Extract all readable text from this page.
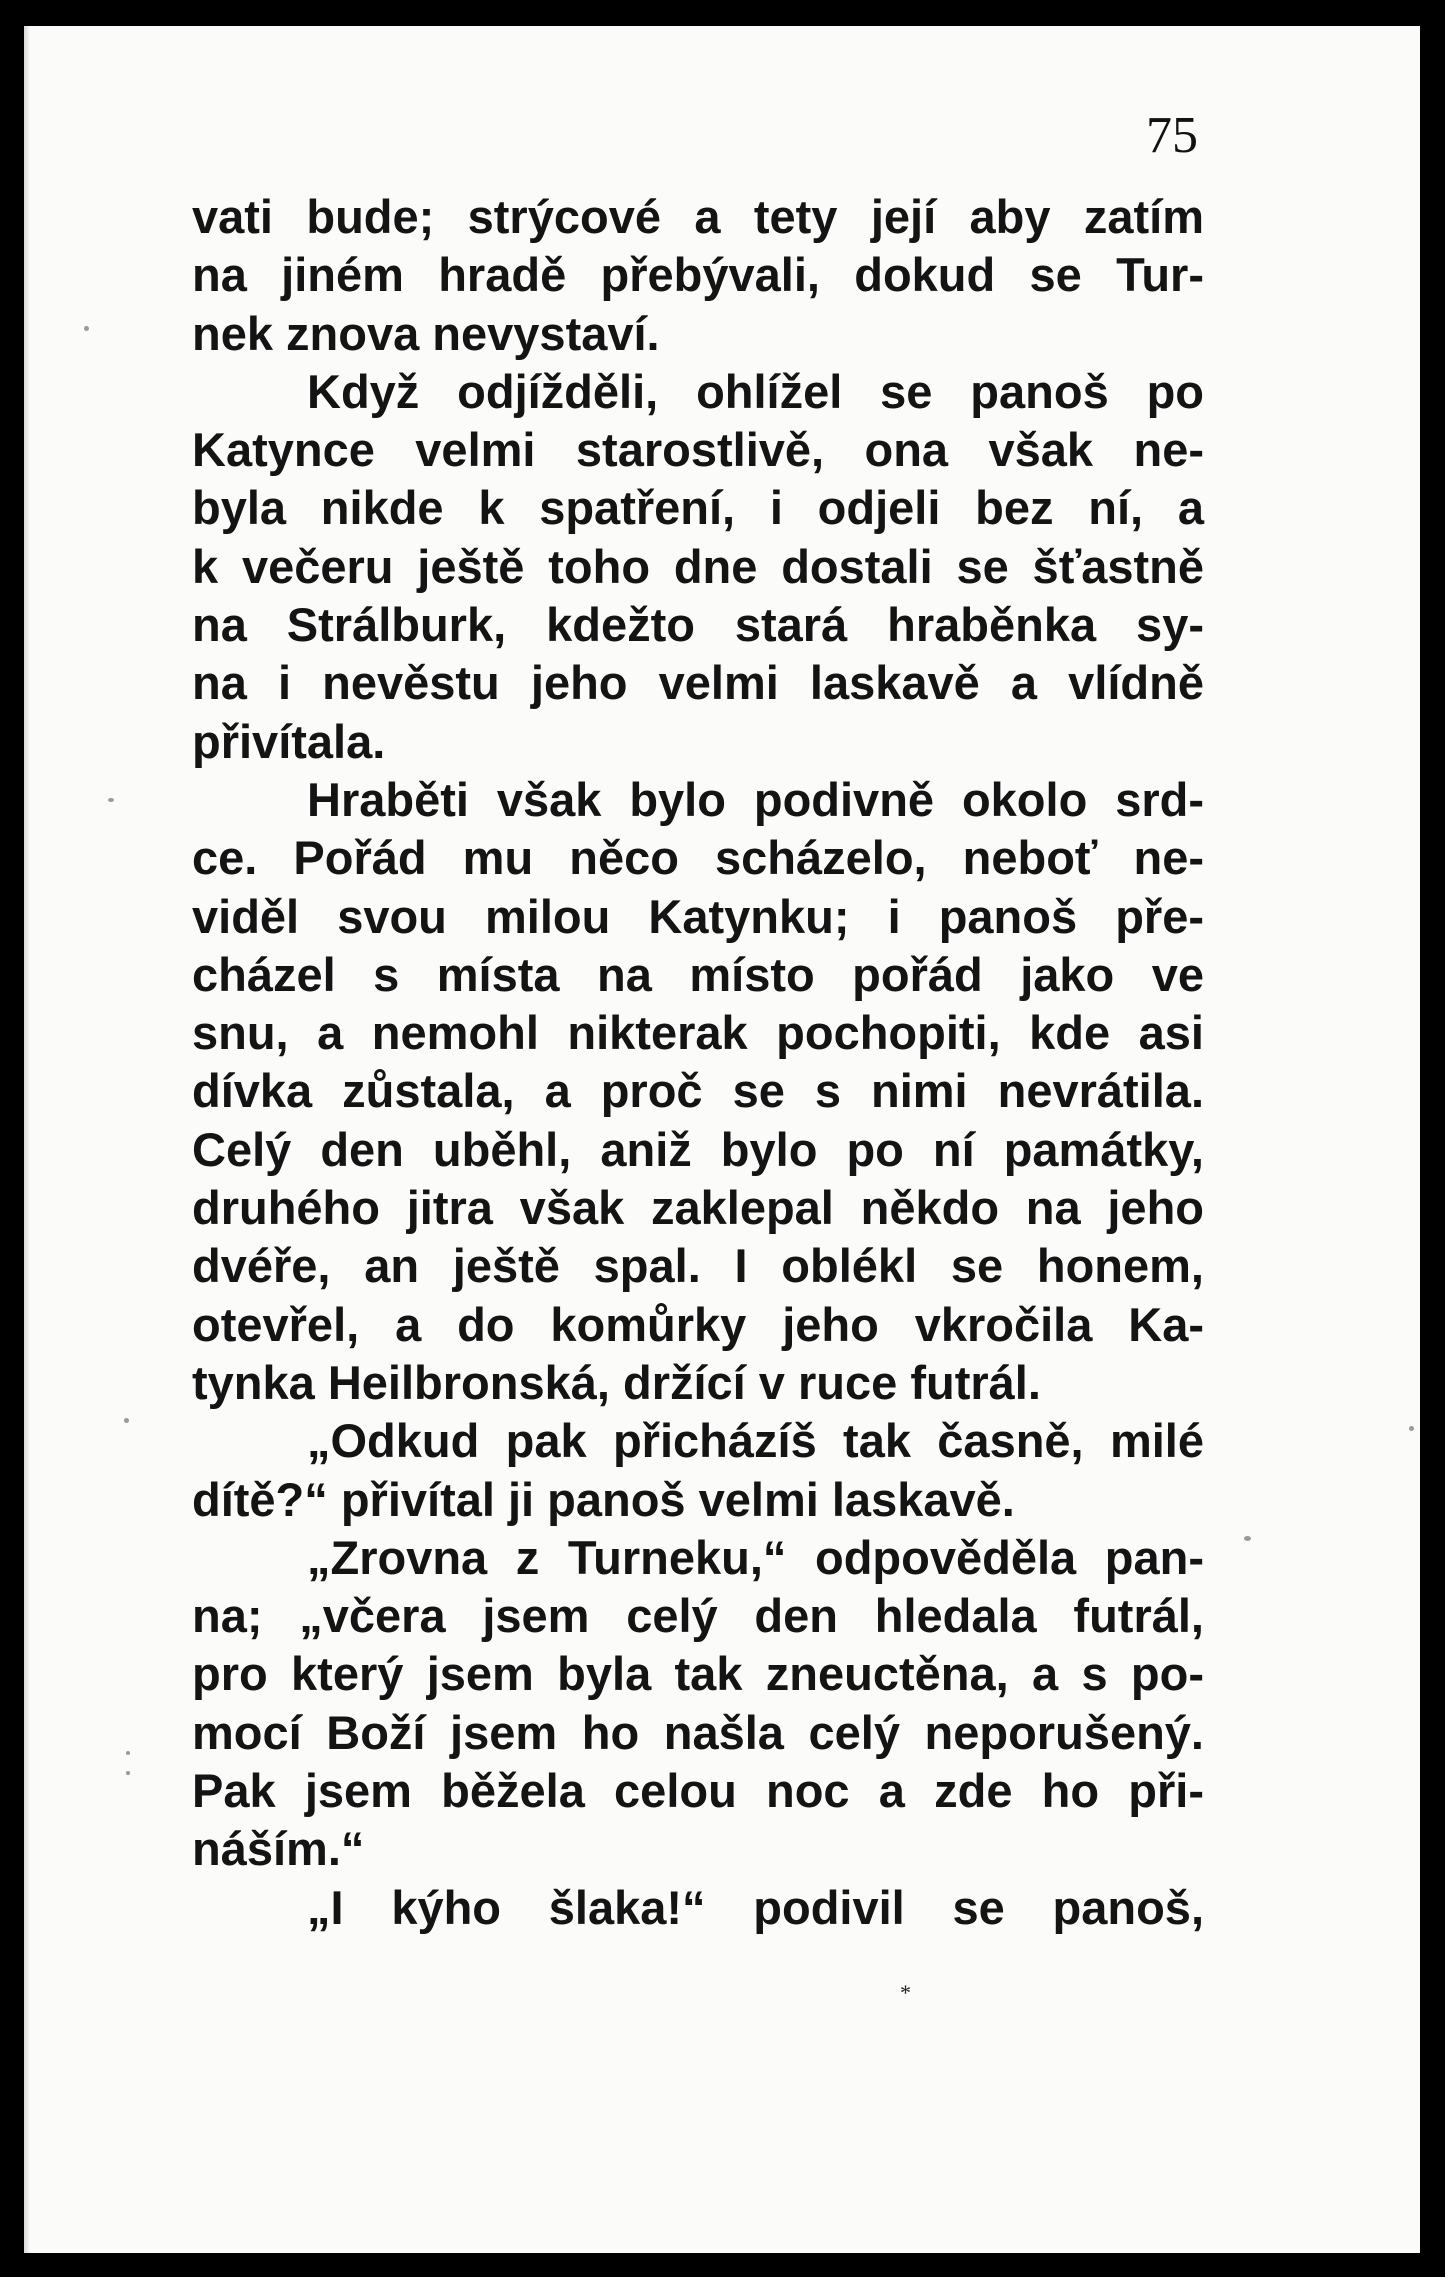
75
vati bude; strýcové a tety její aby zatím
na jiném hradě přebývali, dokud se Tur-
nek znova nevystaví.
Když odjížděli, ohlížel se panoš po
Katynce velmi starostlivě, ona však ne-
byla nikde k spatření, i odjeli bez ní, a
k večeru ještě toho dne dostali se šťastně
na Strálburk, kdežto stará hraběnka sy-
na i nevěstu jeho velmi laskavě a vlídně
přivítala.
Hraběti však bylo podivně okolo srd-
ce. Pořád mu něco scházelo, neboť ne-
viděl svou milou Katynku; i panoš pře-
cházel s místa na místo pořád jako ve
snu, a nemohl nikterak pochopiti, kde asi
dívka zůstala, a proč se s nimi nevrátila.
Celý den uběhl, aniž bylo po ní památky,
druhého jitra však zaklepal někdo na jeho
dvéře, an ještě spal. I oblékl se honem,
otevřel, a do komůrky jeho vkročila Ka-
tynka Heilbronská, držící v ruce futrál.
„Odkud pak přicházíš tak časně, milé
dítě?“ přivítal ji panoš velmi laskavě.
„Zrovna z Turneku,“ odpověděla pan-
na; „včera jsem celý den hledala futrál,
pro který jsem byla tak zneuctěna, a s po-
mocí Boží jsem ho našla celý neporušený.
Pak jsem běžela celou noc a zde ho při-
náším.“
„I kýho šlaka!“ podivil se panoš,
*
